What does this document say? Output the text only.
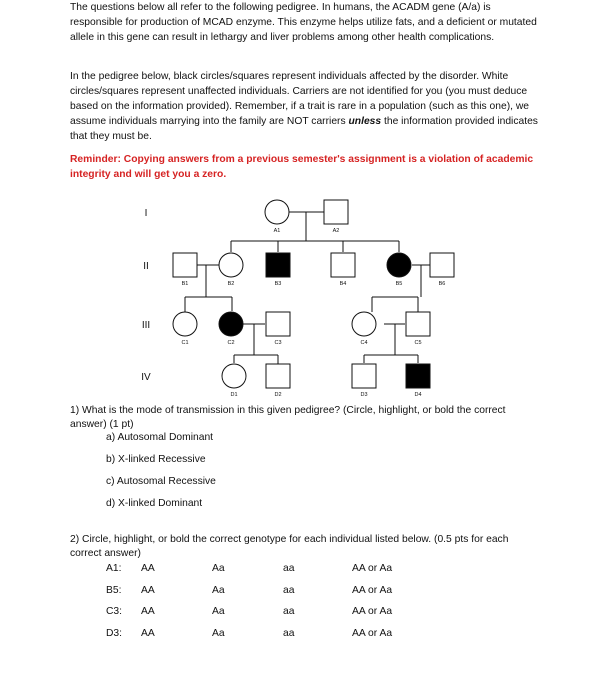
The questions below all refer to the following pedigree. In humans, the ACADM gene (A/a) is responsible for production of MCAD enzyme. This enzyme helps utilize fats, and a deficient or mutated allele in this gene can result in lethargy and liver problems among other health complications.

In the pedigree below, black circles/squares represent individuals affected by the disorder. White circles/squares represent unaffected individuals. Carriers are not identified for you (you must deduce based on the information provided). Remember, if a trait is rare in a population (such as this one), we assume individuals marrying into the family are NOT carriers unless the information provided indicates that they must be.

Reminder: Copying answers from a previous semester's assignment is a violation of academic integrity and will get you a zero.

I
II
III
IV
A1	A2
B1	B2	B3	B4	B5	B6
C1	C2	C3	C4	C5
D1	D2	D3	D4
1) What is the mode of transmission in this given pedigree? (Circle, highlight, or bold the correct answer) (1 pt)
a) Autosomal Dominant
b) X-linked Recessive
c) Autosomal Recessive
d) X-linked Dominant
2) Circle, highlight, or bold the correct genotype for each individual listed below. (0.5 pts for each correct answer)
A1: AA	Aa	aa	AA or Aa
B5: AA	Aa	aa	AA or Aa
C3: AA	Aa	aa	AA or Aa
D3: AA	Aa	aa	AA or Aa
